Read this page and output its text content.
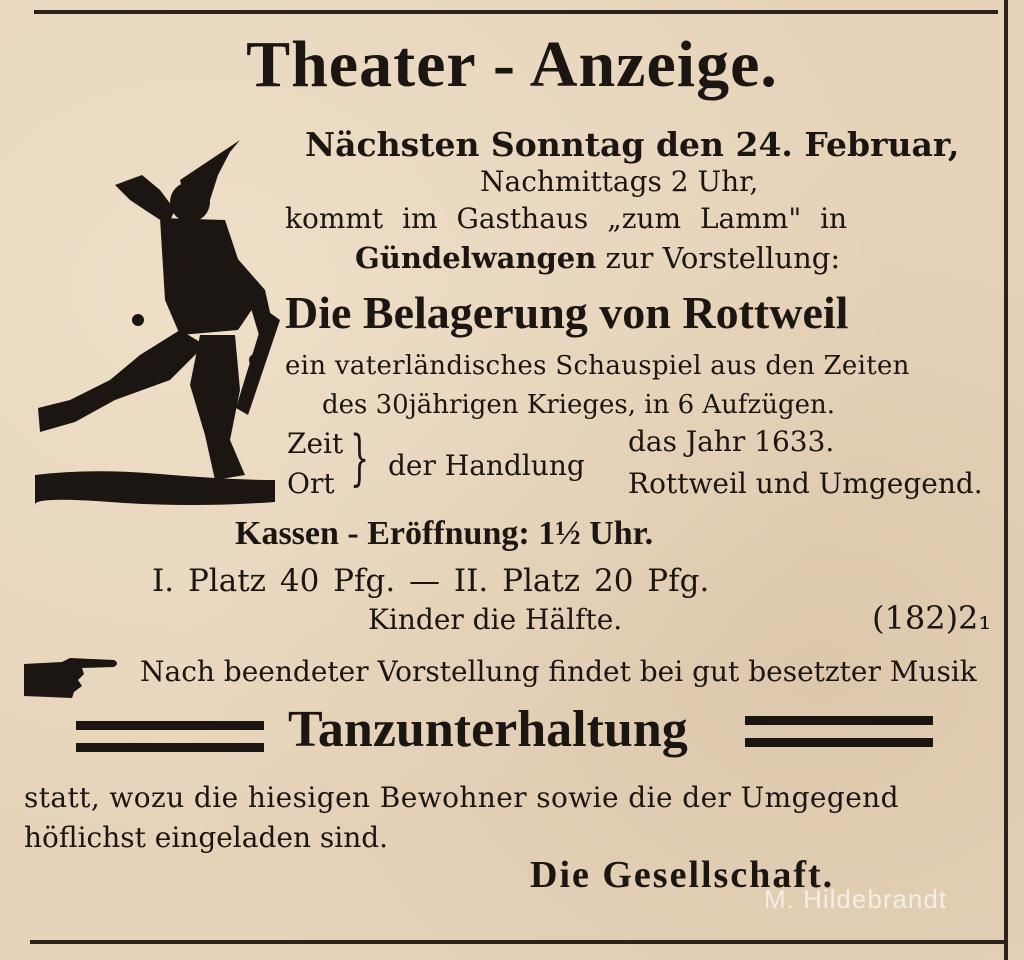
Theater - Anzeige.
Nächsten Sonntag den 24. Februar,
Nachmittags 2 Uhr,
kommt im Gasthaus „zum Lamm" in
Gündelwangen zur Vorstellung:
Die Belagerung von Rottweil
ein vaterländisches Schauspiel aus den Zeiten
des 30jährigen Krieges, in 6 Aufzügen.
Zeit
Ort } der Handlung
das Jahr 1633.
Rottweil und Umgegend.
Kassen - Eröffnung: 1½ Uhr.
I. Platz 40 Pfg. — II. Platz 20 Pfg.
Kinder die Hälfte.	(182)2₁
Nach beendeter Vorstellung findet bei gut besetzter Musik
Tanzunterhaltung
statt, wozu die hiesigen Bewohner sowie die der Umgegend
höflichst eingeladen sind.
Die Gesellschaft.
M. Hildebrandt
